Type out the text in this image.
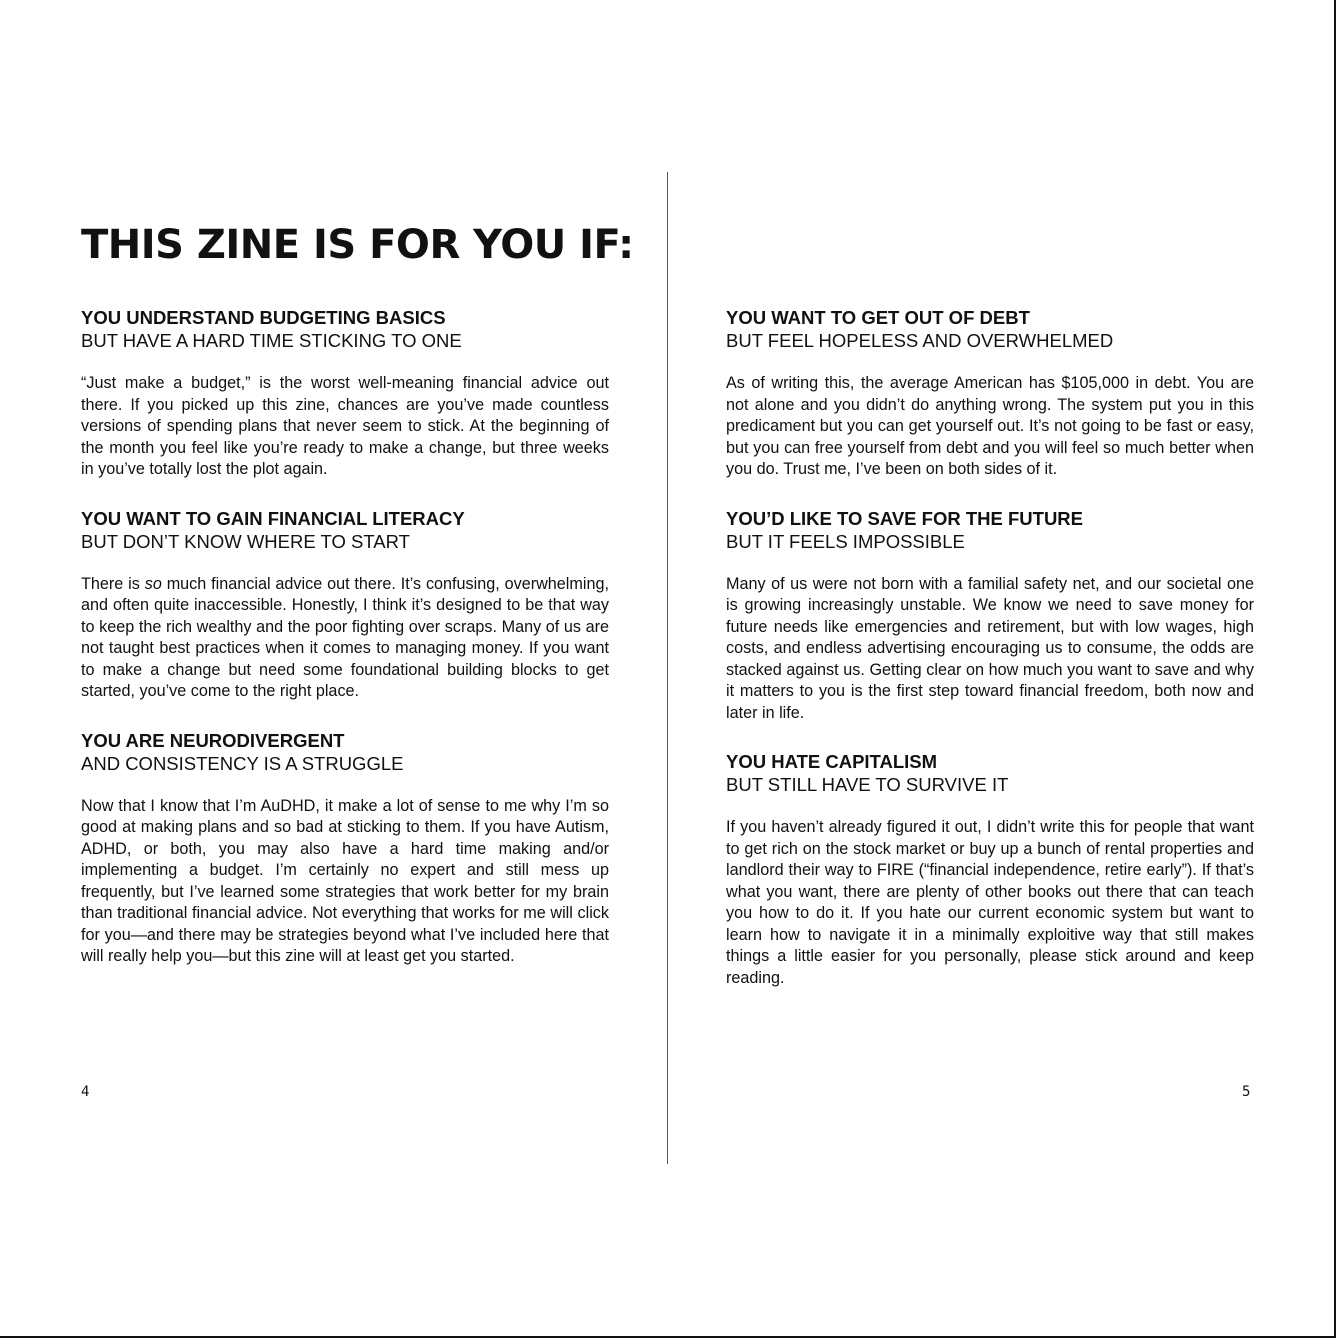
THIS ZINE IS FOR YOU IF:

YOU UNDERSTAND BUDGETING BASICS

BUT HAVE A HARD TIME STICKING TO ONE

“Just make a budget,” is the worst well-meaning financial advice out there. If you picked up this zine, chances are you’ve made countless versions of spending plans that never seem to stick. At the beginning of the month you feel like you’re ready to make a change, but three weeks in you’ve totally lost the plot again.

YOU WANT TO GAIN FINANCIAL LITERACY

BUT DON’T KNOW WHERE TO START

There is so much financial advice out there. It’s confusing, overwhelming, and often quite inaccessible. Honestly, I think it’s designed to be that way to keep the rich wealthy and the poor fighting over scraps. Many of us are not taught best practices when it comes to managing money. If you want to make a change but need some foundational building blocks to get started, you’ve come to the right place.

YOU ARE NEURODIVERGENT

AND CONSISTENCY IS A STRUGGLE

Now that I know that I’m AuDHD, it make a lot of sense to me why I’m so good at making plans and so bad at sticking to them. If you have Autism, ADHD, or both, you may also have a hard time making and/or implementing a budget. I’m certainly no expert and still mess up frequently, but I’ve learned some strategies that work better for my brain than traditional financial advice. Not everything that works for me will click for you—and there may be strategies beyond what I’ve included here that will really help you—but this zine will at least get you started.

YOU WANT TO GET OUT OF DEBT

BUT FEEL HOPELESS AND OVERWHELMED

As of writing this, the average American has $105,000 in debt. You are not alone and you didn’t do anything wrong. The system put you in this predicament but you can get yourself out. It’s not going to be fast or easy, but you can free yourself from debt and you will feel so much better when you do. Trust me, I’ve been on both sides of it.

YOU’D LIKE TO SAVE FOR THE FUTURE

BUT IT FEELS IMPOSSIBLE

Many of us were not born with a familial safety net, and our societal one is growing increasingly unstable. We know we need to save money for future needs like emergencies and retirement, but with low wages, high costs, and endless advertising encouraging us to consume, the odds are stacked against us. Getting clear on how much you want to save and why it matters to you is the first step toward financial freedom, both now and later in life.

YOU HATE CAPITALISM

BUT STILL HAVE TO SURVIVE IT

If you haven’t already figured it out, I didn’t write this for people that want to get rich on the stock market or buy up a bunch of rental properties and landlord their way to FIRE (“financial independence, retire early”). If that’s what you want, there are plenty of other books out there that can teach you how to do it. If you hate our current economic system but want to learn how to navigate it in a minimally exploitive way that still makes things a little easier for you personally, please stick around and keep reading.

4	5
